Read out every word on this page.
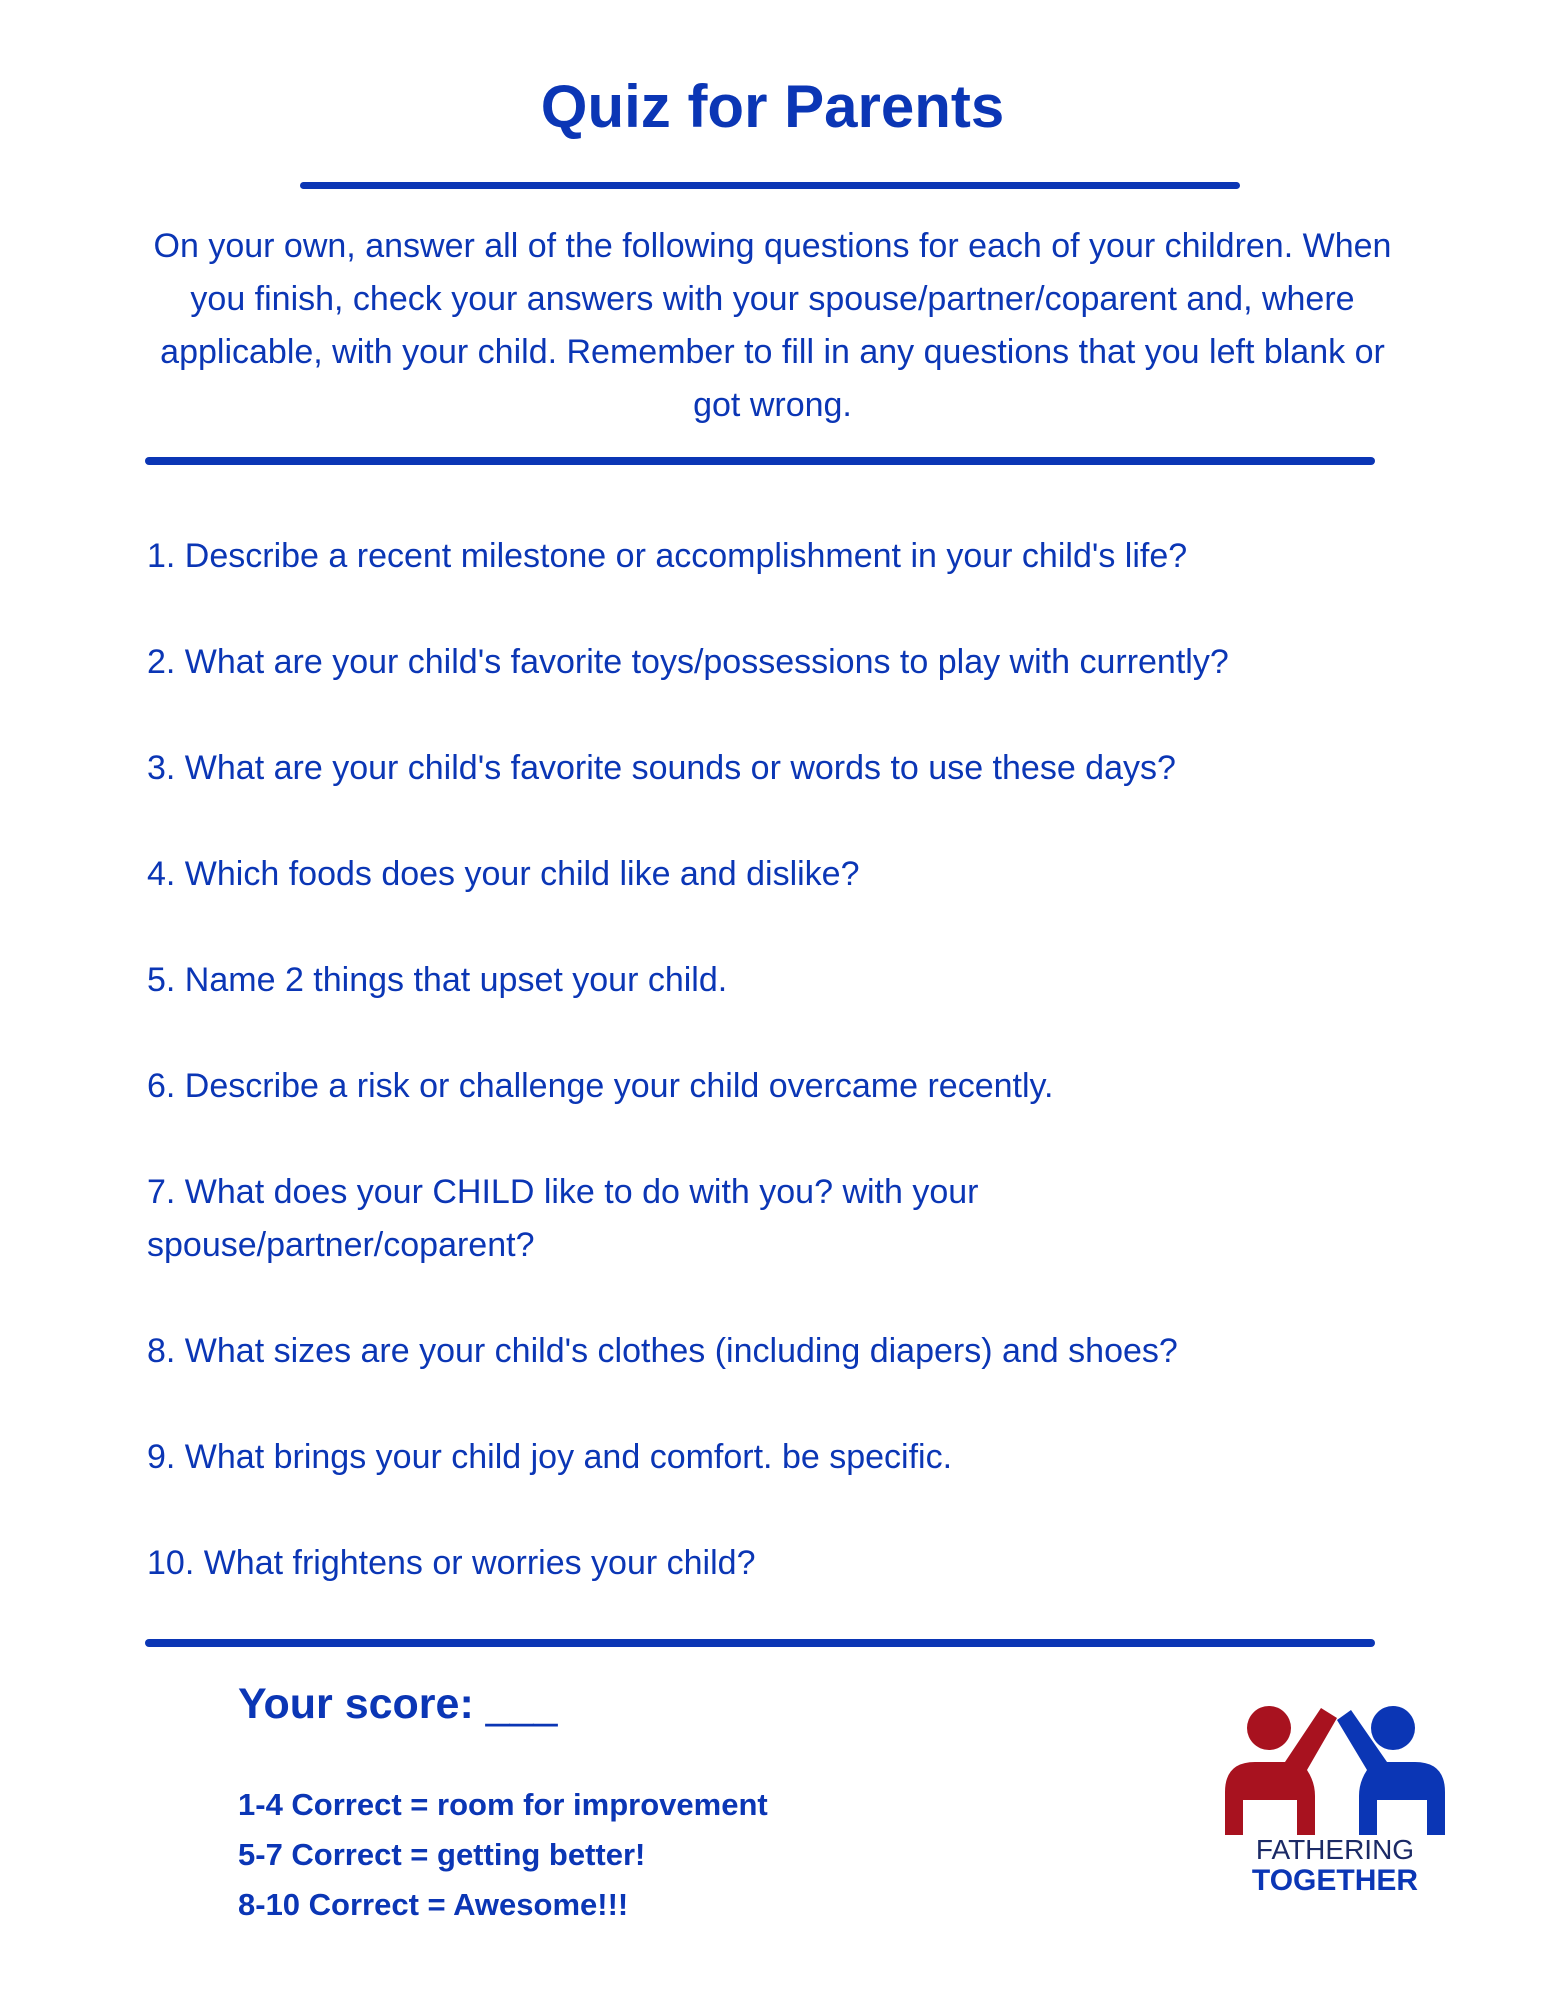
Quiz for Parents
On your own, answer all of the following questions for each of your children. When you finish, check your answers with your spouse/partner/coparent and, where applicable, with your child. Remember to fill in any questions that you left blank or got wrong.
1. Describe a recent milestone or accomplishment in your child's life?
2. What are your child's favorite toys/possessions to play with currently?
3. What are your child's favorite sounds or words to use these days?
4. Which foods does your child like and dislike?
5. Name 2 things that upset your child.
6. Describe a risk or challenge your child overcame recently.
7. What does your CHILD like to do with you? with your spouse/partner/coparent?
8. What sizes are your child's clothes (including diapers) and shoes?
9. What brings your child joy and comfort. be specific.
10. What frightens or worries your child?
Your score: ___
1-4 Correct = room for improvement
5-7 Correct = getting better!
8-10 Correct = Awesome!!!
FATHERING
TOGETHER
